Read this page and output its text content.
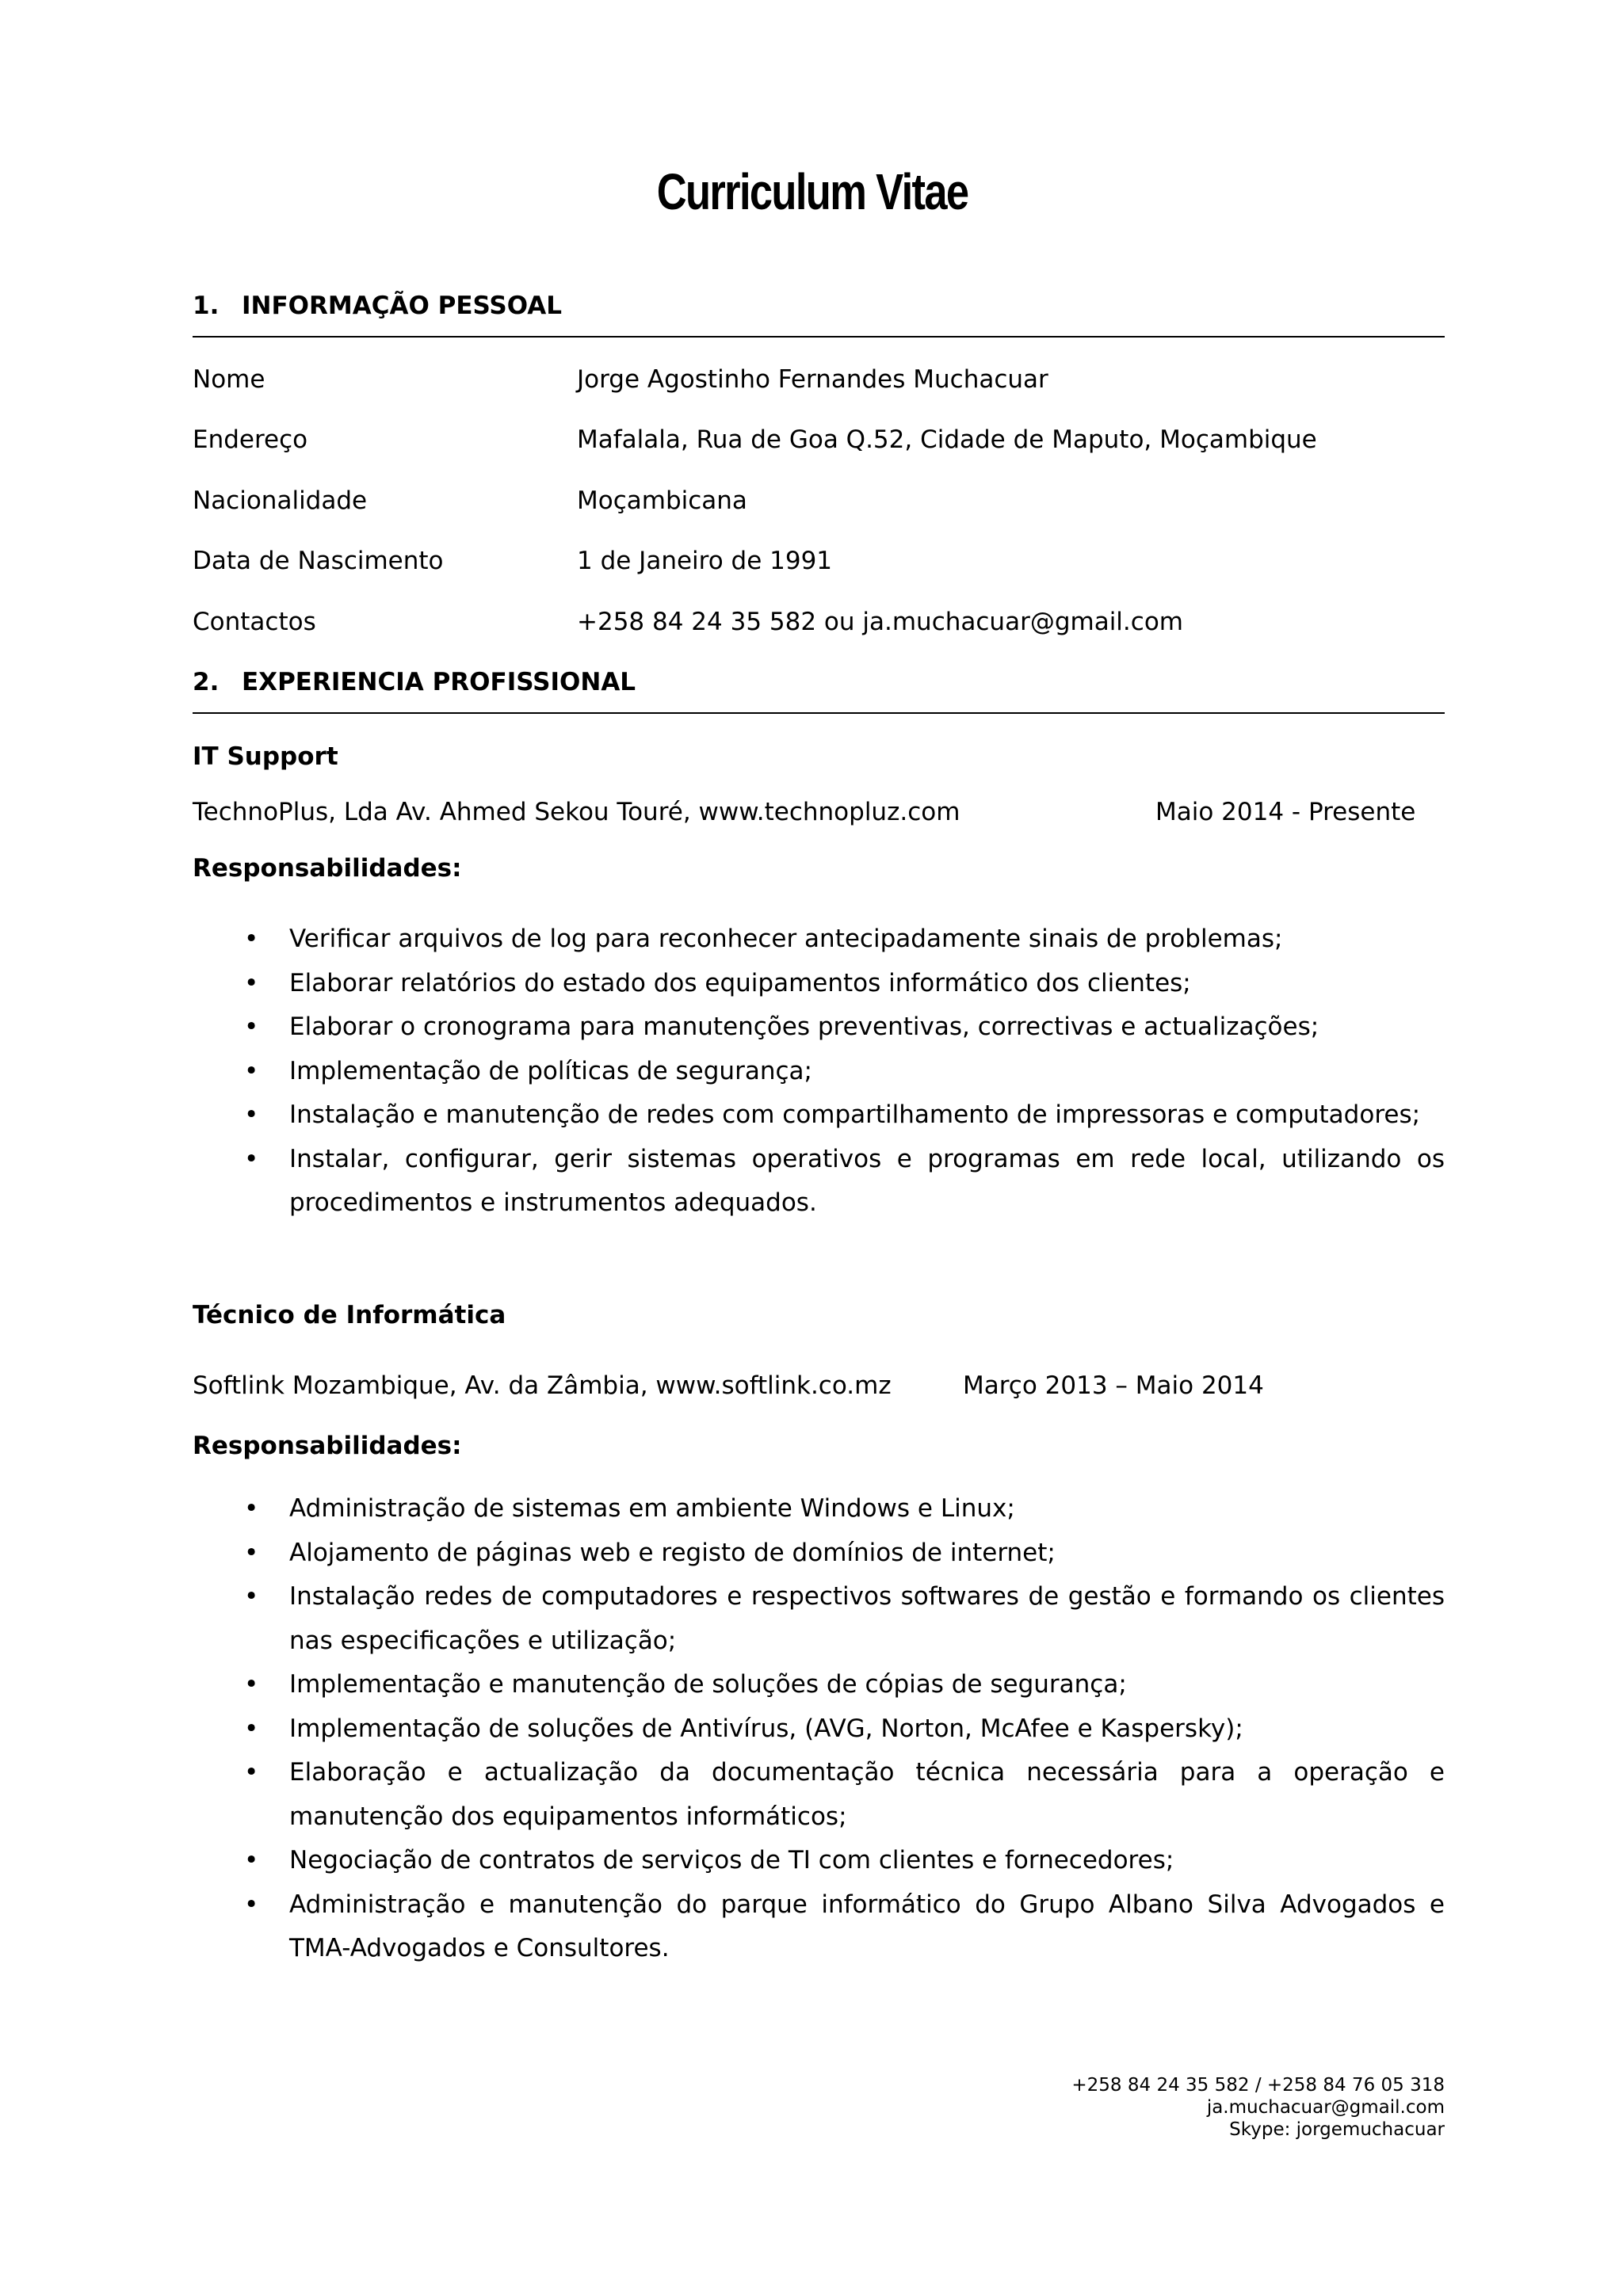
Curriculum Vitae
1. INFORMAÇÃO PESSOAL
Nome	Jorge Agostinho Fernandes Muchacuar
Endereço	Mafalala, Rua de Goa Q.52, Cidade de Maputo, Moçambique
Nacionalidade	Moçambicana
Data de Nascimento	1 de Janeiro de 1991
Contactos	+258 84 24 35 582 ou ja.muchacuar@gmail.com
2. EXPERIENCIA PROFISSIONAL
IT Support
TechnoPlus, Lda Av. Ahmed Sekou Touré, www.technopluz.com	Maio 2014 - Presente
Responsabilidades:
• Verificar arquivos de log para reconhecer antecipadamente sinais de problemas;
• Elaborar relatórios do estado dos equipamentos informático dos clientes;
• Elaborar o cronograma para manutenções preventivas, correctivas e actualizações;
• Implementação de políticas de segurança;
• Instalação e manutenção de redes com compartilhamento de impressoras e computadores;
• Instalar, configurar, gerir sistemas operativos e programas em rede local, utilizando os procedimentos e instrumentos adequados.
Técnico de Informática
Softlink Mozambique, Av. da Zâmbia, www.softlink.co.mz	Março 2013 – Maio 2014
Responsabilidades:
• Administração de sistemas em ambiente Windows e Linux;
• Alojamento de páginas web e registo de domínios de internet;
• Instalação redes de computadores e respectivos softwares de gestão e formando os clientes nas especificações e utilização;
• Implementação e manutenção de soluções de cópias de segurança;
• Implementação de soluções de Antivírus, (AVG, Norton, McAfee e Kaspersky);
• Elaboração e actualização da documentação técnica necessária para a operação e manutenção dos equipamentos informáticos;
• Negociação de contratos de serviços de TI com clientes e fornecedores;
• Administração e manutenção do parque informático do Grupo Albano Silva Advogados e TMA-Advogados e Consultores.
+258 84 24 35 582 / +258 84 76 05 318
ja.muchacuar@gmail.com
Skype: jorgemuchacuar
